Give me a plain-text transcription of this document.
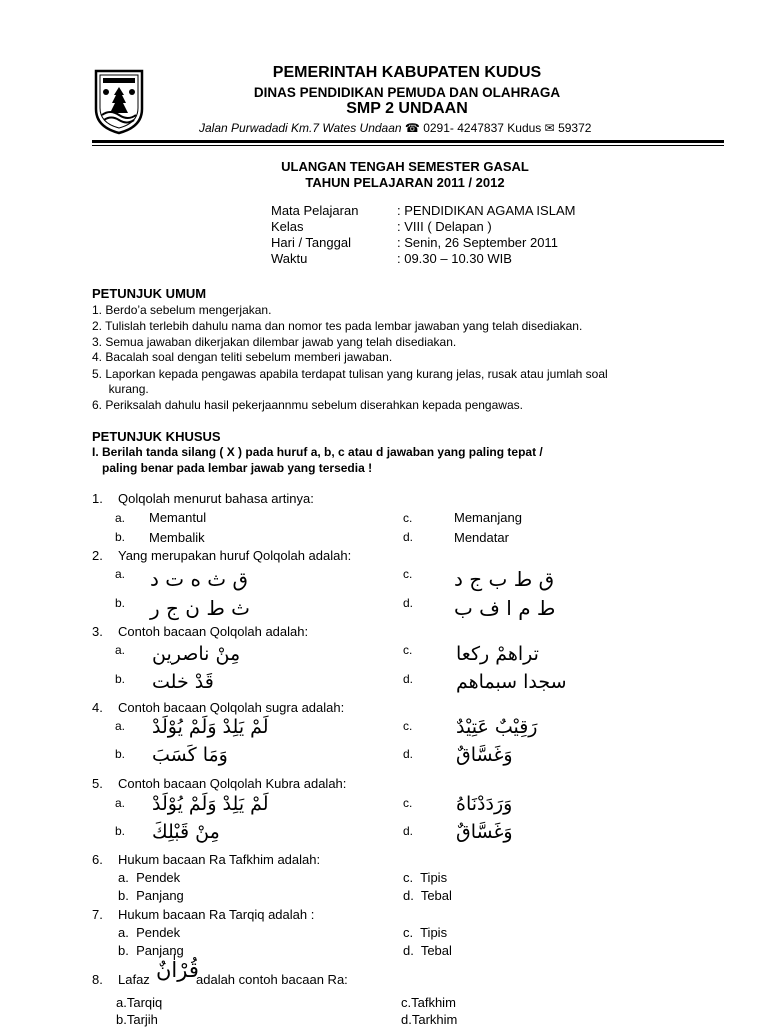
PEMERINTAH KABUPATEN KUDUS
DINAS PENDIDIKAN PEMUDA DAN OLAHRAGA
SMP 2 UNDAAN
Jalan Purwadadi Km.7 Wates Undaan ☎ 0291- 4247837 Kudus ✉ 59372
ULANGAN TENGAH SEMESTER GASAL
TAHUN PELAJARAN 2011 / 2012
Mata Pelajaran	: PENDIDIKAN AGAMA ISLAM
Kelas	: VIII ( Delapan )
Hari / Tanggal	: Senin, 26 September 2011
Waktu	: 09.30 – 10.30 WIB
PETUNJUK UMUM
1. Berdo’a sebelum mengerjakan.
2. Tulislah terlebih dahulu nama dan nomor tes pada lembar jawaban yang telah disediakan.
3. Semua jawaban dikerjakan dilembar jawab yang telah disediakan.
4. Bacalah soal dengan teliti sebelum memberi jawaban.
5. Laporkan kepada pengawas apabila terdapat tulisan yang kurang jelas, rusak atau jumlah soal
kurang.
6. Periksalah dahulu hasil pekerjaannmu sebelum diserahkan kepada pengawas.
PETUNJUK KHUSUS
I. Berilah tanda silang ( X ) pada huruf a, b, c atau d jawaban yang paling tepat /
paling benar pada lembar jawab yang tersedia !
1. Qolqolah menurut bahasa artinya:
a. Memantul
b. Membalik
c.	Memanjang
d.	Mendatar
2. Yang merupakan huruf Qolqolah adalah:
a. ق ث ه ت د
b. ث ط ن ج ر
c. ق ط ب ج د
d. ط م ا ف ب
3. Contoh bacaan Qolqolah adalah:
a. مِنْ ناصرين
b. قَدْ خلت
c. تراهمْ ركعا
d. سجدا سبماهم
4. Contoh bacaan Qolqolah sugra adalah:
a. لَمْ يَلِدْ وَلَمْ يُوْلَدْ
b. وَمَا كَسَبَ
c. رَقِيْبٌ عَتِيْدٌ
d. وَغَسَّاقٌ
5. Contoh bacaan Qolqolah Kubra adalah:
a. لَمْ يَلِدْ وَلَمْ يُوْلَدْ
b. مِنْ قَبْلِكَ
c. وَرَدَدْنَاهُ
d. وَغَسَّاقٌ
6. Hukum bacaan Ra Tafkhim adalah:
a.  Pendek
b.  Panjang
c.  Tipis
d.  Tebal
7. Hukum bacaan Ra Tarqiq adalah :
a.  Pendek
b.  Panjang
c.  Tipis
d.  Tebal
8. Lafaz قُرْاٰنٌ
adalah contoh bacaan Ra:
a.Tarqiq
b.Tarjih
c.Tafkhim
d.Tarkhim
